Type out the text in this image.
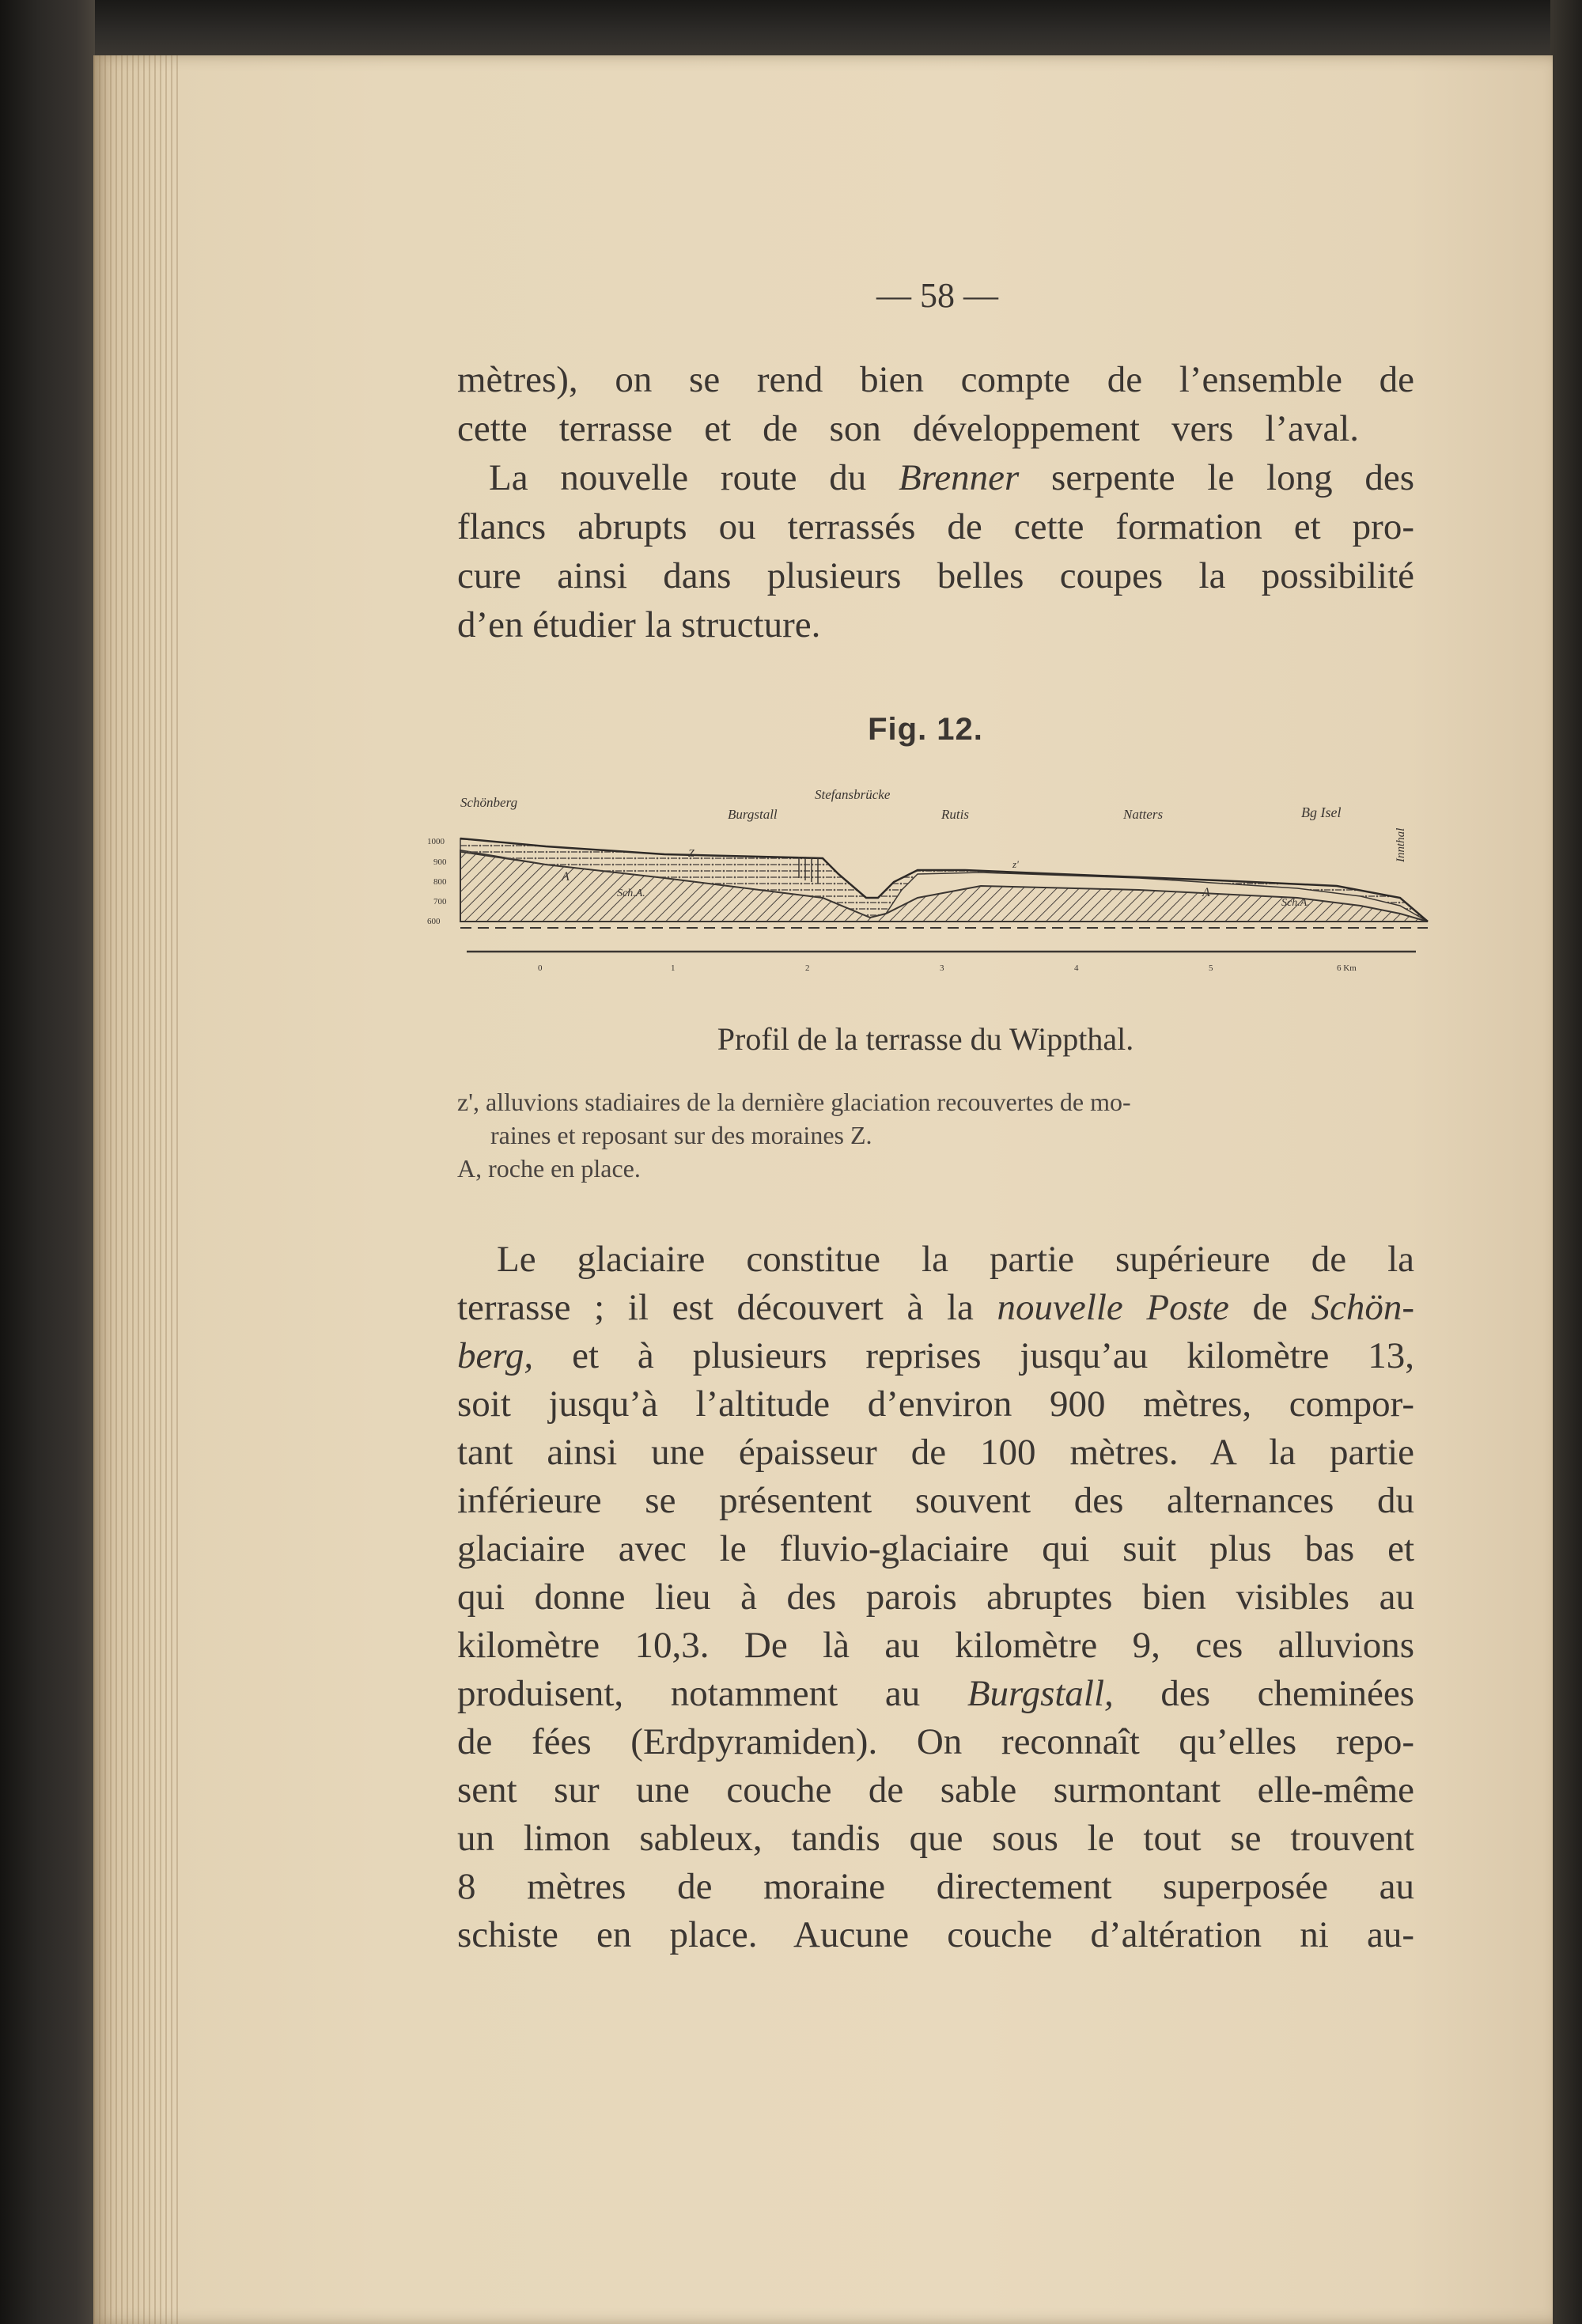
— 58 —
mètres), on se rend bien compte de l’ensemble de
cette terrasse et de son développement vers l’aval.
La nouvelle route du Brenner serpente le long des
flancs abrupts ou terrassés de cette formation et pro-
cure ainsi dans plusieurs belles coupes la possibilité
d’en étudier la structure.
Fig. 12.
Schönberg
1000
900
800
700
600
Stefansbrücke
Burgstall	Rutis	Natters	Bg Isel
Innthal
A
Sch.A.
Z
A
Sch.A.
z'
0	1	2	3	4	5	6 Km
Profil de la terrasse du Wippthal.
z', alluvions stadiaires de la dernière glaciation recouvertes de mo-
raines et reposant sur des moraines Z.
A, roche en place.
Le glaciaire constitue la partie supérieure de la
terrasse ; il est découvert à la nouvelle Poste de Schön-
berg, et à plusieurs reprises jusqu’au kilomètre 13,
soit jusqu’à l’altitude d’environ 900 mètres, compor-
tant ainsi une épaisseur de 100 mètres. A la partie
inférieure se présentent souvent des alternances du
glaciaire avec le fluvio-glaciaire qui suit plus bas et
qui donne lieu à des parois abruptes bien visibles au
kilomètre 10,3. De là au kilomètre 9, ces alluvions
produisent, notamment au Burgstall, des cheminées
de fées (Erdpyramiden). On reconnaît qu’elles repo-
sent sur une couche de sable surmontant elle-même
un limon sableux, tandis que sous le tout se trouvent
8 mètres de moraine directement superposée au
schiste en place. Aucune couche d’altération ni au-
